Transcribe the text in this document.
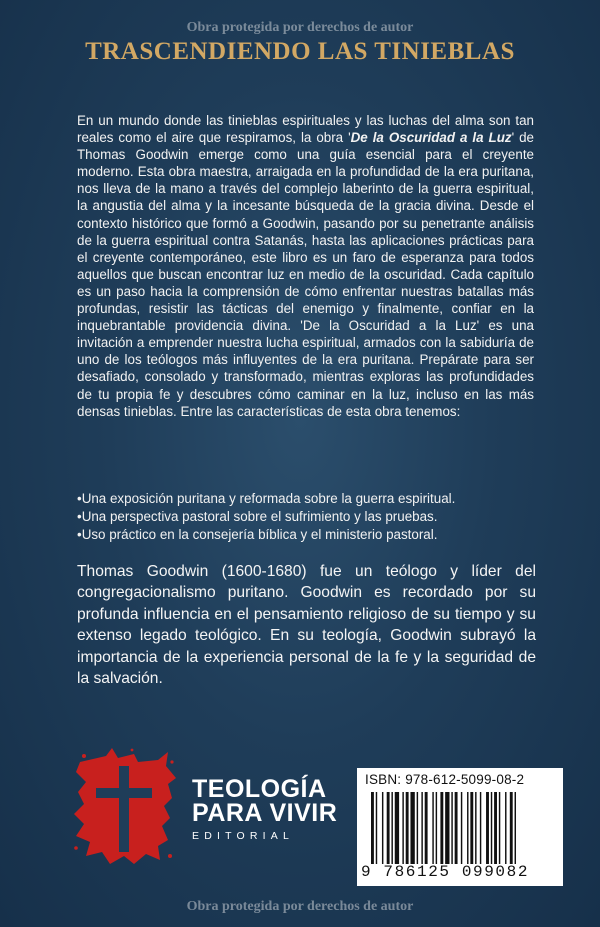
Obra protegida por derechos de autor
TRASCENDIENDO LAS TINIEBLAS

En un mundo donde las tinieblas espirituales y las luchas del alma son tan reales como el aire que respiramos, la obra 'De la Oscuridad a la Luz' de Thomas Goodwin emerge como una guía esencial para el creyente moderno. Esta obra maestra, arraigada en la profundidad de la era puritana, nos lleva de la mano a través del complejo laberinto de la guerra espiritual, la angustia del alma y la incesante búsqueda de la gracia divina. Desde el contexto histórico que formó a Goodwin, pasando por su penetrante análisis de la guerra espiritual contra Satanás, hasta las aplicaciones prácticas para el creyente contemporáneo, este libro es un faro de esperanza para todos aquellos que buscan encontrar luz en medio de la oscuridad. Cada capítulo es un paso hacia la comprensión de cómo enfrentar nuestras batallas más profundas, resistir las tácticas del enemigo y finalmente, confiar en la inquebrantable providencia divina. 'De la Oscuridad a la Luz' es una invitación a emprender nuestra lucha espiritual, armados con la sabiduría de uno de los teólogos más influyentes de la era puritana. Prepárate para ser desafiado, consolado y transformado, mientras exploras las profundidades de tu propia fe y descubres cómo caminar en la luz, incluso en las más densas tinieblas. Entre las características de esta obra tenemos:

•Una exposición puritana y reformada sobre la guerra espiritual.
•Una perspectiva pastoral sobre el sufrimiento y las pruebas.
•Uso práctico en la consejería bíblica y el ministerio pastoral.

Thomas Goodwin (1600-1680) fue un teólogo y líder del congregacionalismo puritano. Goodwin es recordado por su profunda influencia en el pensamiento religioso de su tiempo y su extenso legado teológico. En su teología, Goodwin subrayó la importancia de la experiencia personal de la fe y la seguridad de la salvación.

TEOLOGÍA
PARA VIVIR
EDITORIAL
ISBN: 978-612-5099-08-2
9 786125 099082
Obra protegida por derechos de autor
